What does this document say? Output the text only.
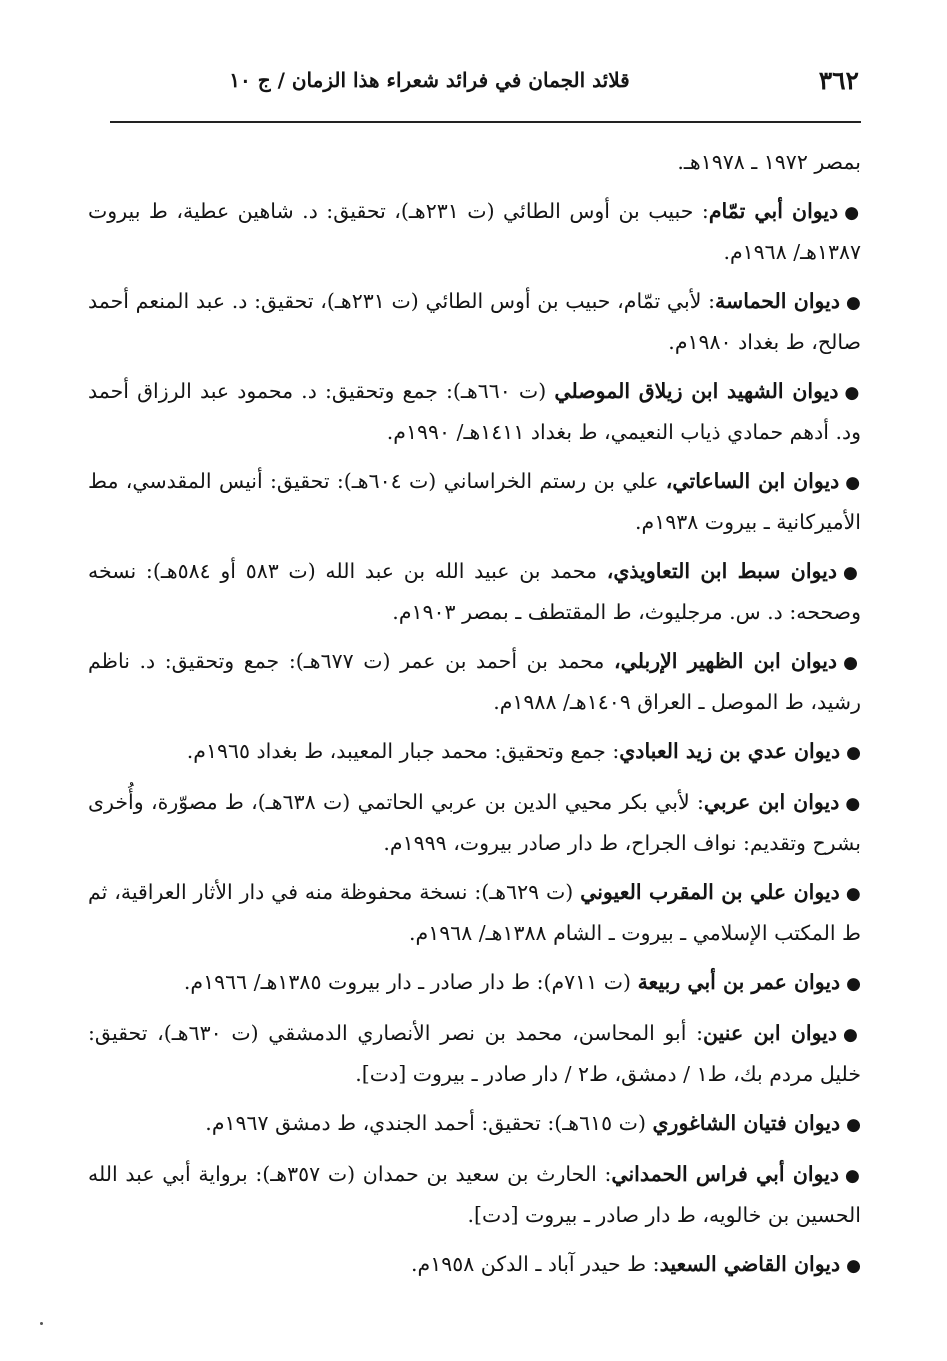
٣٦٢
قلائد الجمان في فرائد شعراء هذا الزمان / ج ١٠

بمصر ١٩٧٢ ـ ١٩٧٨هـ.

●ديوان أبي تمّام: حبيب بن أوس الطائي (ت ٢٣١هـ)، تحقيق: د. شاهين عطية، ط بيروت ١٣٨٧هـ/ ١٩٦٨م.

●ديوان الحماسة: لأبي تمّام، حبيب بن أوس الطائي (ت ٢٣١هـ)، تحقيق: د. عبد المنعم أحمد صالح، ط بغداد ١٩٨٠م.

●ديوان الشهيد ابن زيلاق الموصلي (ت ٦٦٠هـ): جمع وتحقيق: د. محمود عبد الرزاق أحمد ود. أدهم حمادي ذياب النعيمي، ط بغداد ١٤١١هـ/ ١٩٩٠م.

●ديوان ابن الساعاتي، علي بن رستم الخراساني (ت ٦٠٤هـ): تحقيق: أنيس المقدسي، مط الأميركانية ـ بيروت ١٩٣٨م.

●ديوان سبط ابن التعاويذي، محمد بن عبيد الله بن عبد الله (ت ٥٨٣ أو ٥٨٤هـ): نسخه وصححه: د. س. مرجليوث، ط المقتطف ـ بمصر ١٩٠٣م.

●ديوان ابن الظهير الإربلي، محمد بن أحمد بن عمر (ت ٦٧٧هـ): جمع وتحقيق: د. ناظم رشيد، ط الموصل ـ العراق ١٤٠٩هـ/ ١٩٨٨م.

●ديوان عدي بن زيد العبادي: جمع وتحقيق: محمد جبار المعيبد، ط بغداد ١٩٦٥م.

●ديوان ابن عربي: لأبي بكر محيي الدين بن عربي الحاتمي (ت ٦٣٨هـ)، ط مصوّرة، وأُخرى بشرح وتقديم: نواف الجراح، ط دار صادر بيروت، ١٩٩٩م.

●ديوان علي بن المقرب العيوني (ت ٦٢٩هـ): نسخة محفوظة منه في دار الأثار العراقية، ثم ط المكتب الإسلامي ـ بيروت ـ الشام ١٣٨٨هـ/ ١٩٦٨م.

●ديوان عمر بن أبي ربيعة (ت ٧١١م): ط دار صادر ـ دار بيروت ١٣٨٥هـ/ ١٩٦٦م.

●ديوان ابن عنين: أبو المحاسن، محمد بن نصر الأنصاري الدمشقي (ت ٦٣٠هـ)، تحقيق: خليل مردم بك، ط١ / دمشق، ط٢ / دار صادر ـ بيروت [دت].

●ديوان فتيان الشاغوري (ت ٦١٥هـ): تحقيق: أحمد الجندي، ط دمشق ١٩٦٧م.

●ديوان أبي فراس الحمداني: الحارث بن سعيد بن حمدان (ت ٣٥٧هـ): برواية أبي عبد الله الحسين بن خالويه، ط دار صادر ـ بيروت [دت].

●ديوان القاضي السعيد: ط حيدر آباد ـ الدكن ١٩٥٨م.
